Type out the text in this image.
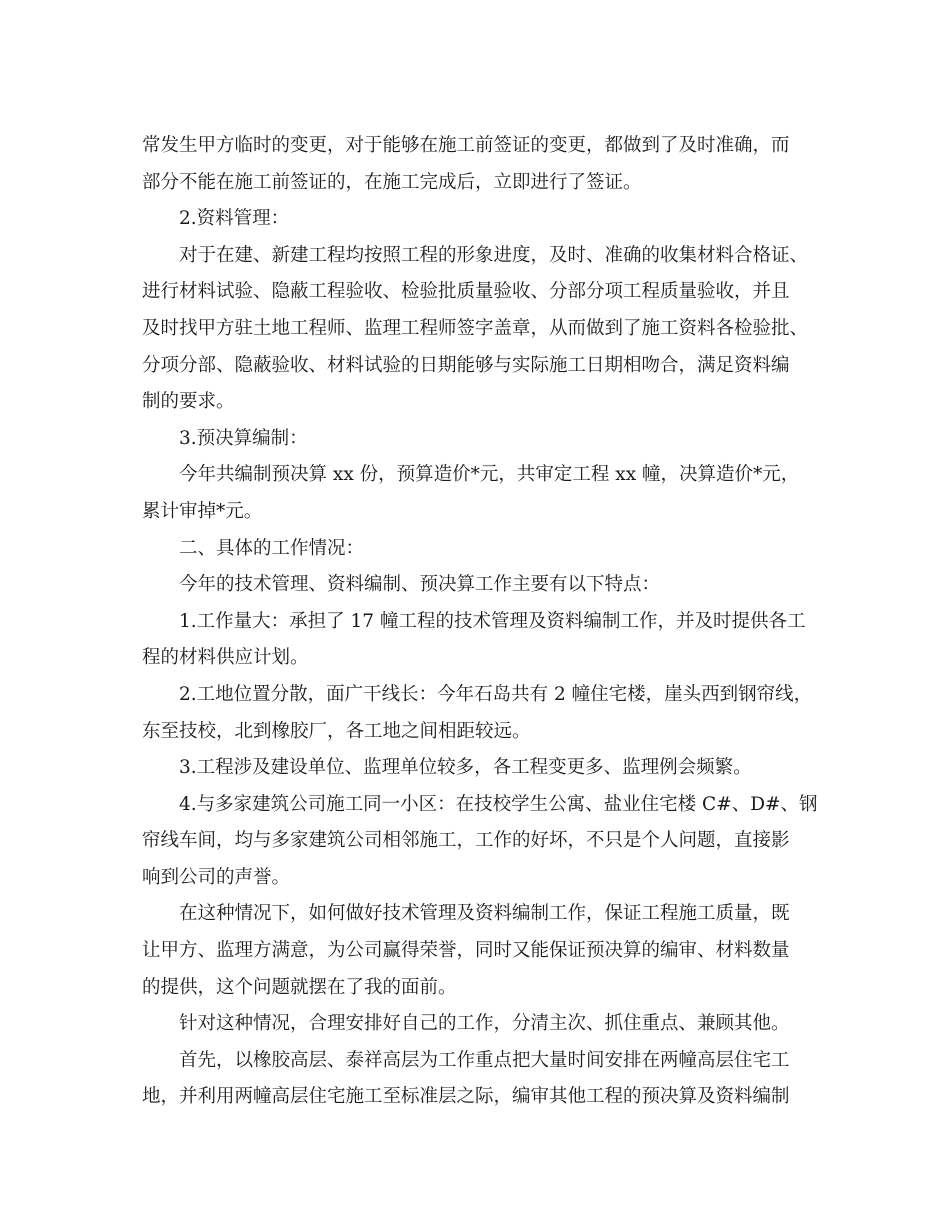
常发生甲方临时的变更，对于能够在施工前签证的变更，都做到了及时准确，而
部分不能在施工前签证的，在施工完成后，立即进行了签证。
2.资料管理：
对于在建、新建工程均按照工程的形象进度，及时、准确的收集材料合格证、
进行材料试验、隐蔽工程验收、检验批质量验收、分部分项工程质量验收，并且
及时找甲方驻土地工程师、监理工程师签字盖章，从而做到了施工资料各检验批、
分项分部、隐蔽验收、材料试验的日期能够与实际施工日期相吻合，满足资料编
制的要求。
3.预决算编制：
今年共编制预决算 xx 份，预算造价*元，共审定工程 xx 幢，决算造价*元，
累计审掉*元。
二、具体的工作情况：
今年的技术管理、资料编制、预决算工作主要有以下特点：
1.工作量大：承担了 17 幢工程的技术管理及资料编制工作，并及时提供各工
程的材料供应计划。
2.工地位置分散，面广干线长：今年石岛共有 2 幢住宅楼，崖头西到钢帘线，
东至技校，北到橡胶厂，各工地之间相距较远。
3.工程涉及建设单位、监理单位较多，各工程变更多、监理例会频繁。
4.与多家建筑公司施工同一小区：在技校学生公寓、盐业住宅楼 C#、D#、钢
帘线车间，均与多家建筑公司相邻施工，工作的好坏，不只是个人问题，直接影
响到公司的声誉。
在这种情况下，如何做好技术管理及资料编制工作，保证工程施工质量，既
让甲方、监理方满意，为公司赢得荣誉，同时又能保证预决算的编审、材料数量
的提供，这个问题就摆在了我的面前。
针对这种情况，合理安排好自己的工作，分清主次、抓住重点、兼顾其他。
首先，以橡胶高层、泰祥高层为工作重点把大量时间安排在两幢高层住宅工
地，并利用两幢高层住宅施工至标准层之际，编审其他工程的预决算及资料编制
